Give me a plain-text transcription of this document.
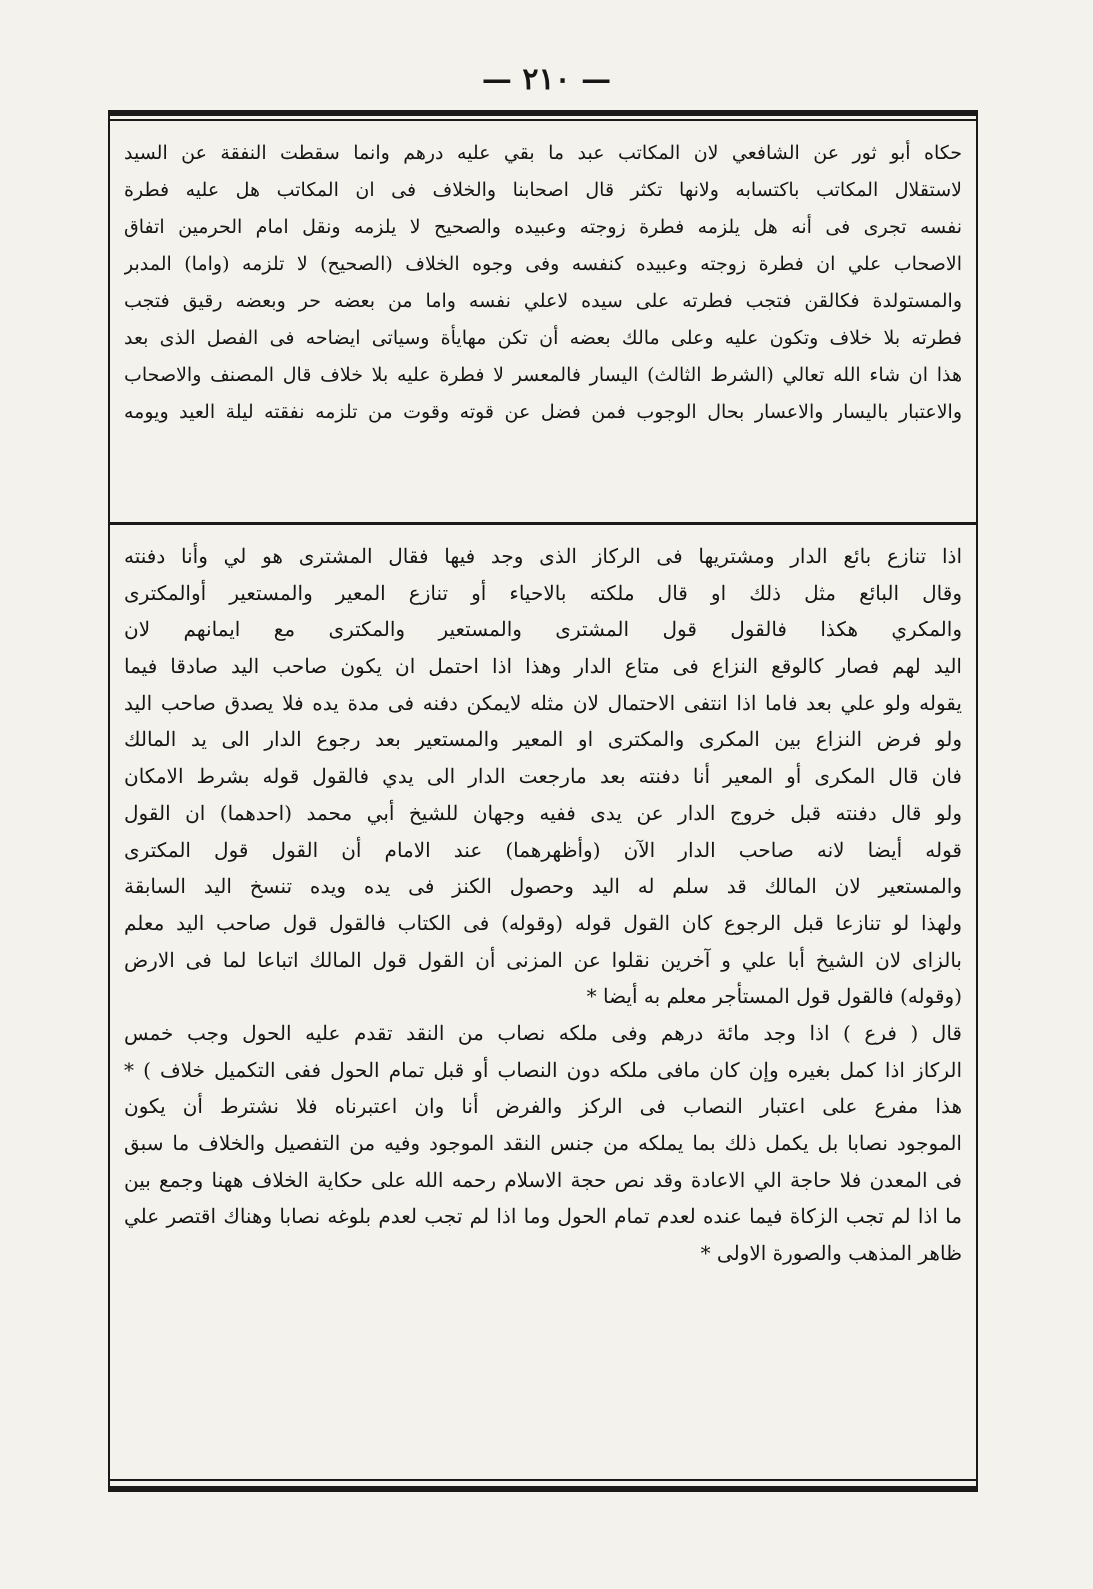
— ٢١٠ —
حكاه أبو ثور عن الشافعي لان المكاتب عبد ما بقي عليه درهم وانما سقطت النفقة عن السيد
لاستقلال المكاتب باكتسابه ولانها تكثر قال اصحابنا والخلاف فى ان المكاتب هل عليه فطرة
نفسه تجرى فى أنه هل يلزمه فطرة زوجته وعبيده والصحيح لا يلزمه ونقل امام الحرمين اتفاق
الاصحاب علي ان فطرة زوجته وعبيده كنفسه وفى وجوه الخلاف (الصحيح) لا تلزمه (واما) المدبر
والمستولدة فكالقن فتجب فطرته على سيده لاعلي نفسه واما من بعضه حر وبعضه رقيق فتجب
فطرته بلا خلاف وتكون عليه وعلى مالك بعضه أن تكن مهايأة وسياتى ايضاحه فى الفصل الذى بعد
هذا ان شاء الله تعالي (الشرط الثالث) اليسار فالمعسر لا فطرة عليه بلا خلاف قال المصنف والاصحاب
والاعتبار باليسار والاعسار بحال الوجوب فمن فضل عن قوته وقوت من تلزمه نفقته ليلة العيد ويومه
اذا تنازع بائع الدار ومشتريها فى الركاز الذى وجد فيها فقال المشترى هو لي وأنا دفنته
وقال البائع مثل ذلك او قال ملكته بالاحياء أو تنازع المعير والمستعير أوالمكترى
والمكري هكذا فالقول قول المشترى والمستعير والمكترى مع ايمانهم لان
اليد لهم فصار كالوقع النزاع فى متاع الدار وهذا اذا احتمل ان يكون صاحب اليد صادقا فيما
يقوله ولو علي بعد فاما اذا انتفى الاحتمال لان مثله لايمكن دفنه فى مدة يده فلا يصدق صاحب اليد
ولو فرض النزاع بين المكرى والمكترى او المعير والمستعير بعد رجوع الدار الى يد المالك
فان قال المكرى أو المعير أنا دفنته بعد مارجعت الدار الى يدي فالقول قوله بشرط الامكان
ولو قال دفنته قبل خروج الدار عن يدى ففيه وجهان للشيخ أبي محمد (احدهما) ان القول
قوله أيضا لانه صاحب الدار الآن (وأظهرهما) عند الامام أن القول قول المكترى
والمستعير لان المالك قد سلم له اليد وحصول الكنز فى يده ويده تنسخ اليد السابقة
ولهذا لو تنازعا قبل الرجوع كان القول قوله (وقوله) فى الكتاب فالقول قول صاحب اليد معلم
بالزاى لان الشيخ أبا علي و آخرين نقلوا عن المزنى أن القول قول المالك اتباعا لما فى الارض
(وقوله) فالقول قول المستأجر معلم به أيضا *
قال ( فرع ) اذا وجد مائة درهم وفى ملكه نصاب من النقد تقدم عليه الحول وجب خمس
الركاز اذا كمل بغيره وإن كان مافى ملكه دون النصاب أو قبل تمام الحول ففى التكميل خلاف ) *
هذا مفرع على اعتبار النصاب فى الركز والفرض أنا وان اعتبرناه فلا نشترط أن يكون
الموجود نصابا بل يكمل ذلك بما يملكه من جنس النقد الموجود وفيه من التفصيل والخلاف ما سبق
فى المعدن فلا حاجة الي الاعادة وقد نص حجة الاسلام رحمه الله على حكاية الخلاف ههنا وجمع بين
ما اذا لم تجب الزكاة فيما عنده لعدم تمام الحول وما اذا لم تجب لعدم بلوغه نصابا وهناك اقتصر علي
ظاهر المذهب والصورة الاولى *
